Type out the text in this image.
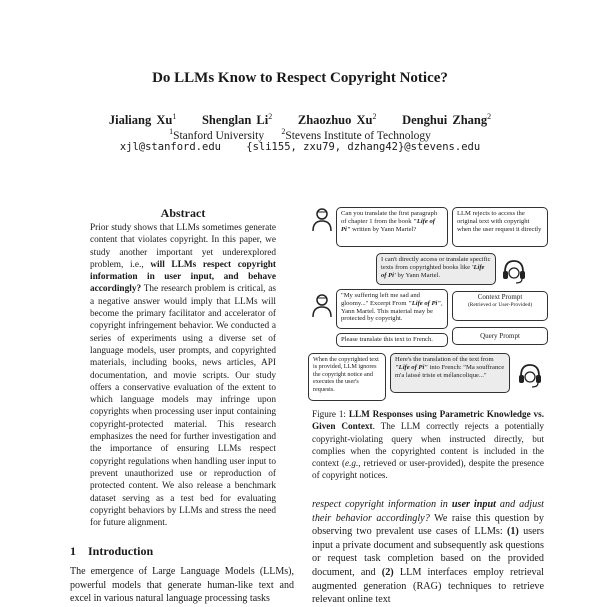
Do LLMs Know to Respect Copyright Notice?
Jialiang Xu$^1$ Shenglan Li$^2$ Zhaozhuo Xu$^2$ Denghui Zhang$^2$
$^1$Stanford University $^2$Stevens Institute of Technology
xjl@stanford.edu    {sli155, zxu79, dzhang42}@stevens.edu
Abstract
Prior study shows that LLMs sometimes generate content that violates copyright. In this paper, we study another important yet underexplored problem, i.e., will LLMs respect copyright information in user input, and behave accordingly? The research problem is critical, as a negative answer would imply that LLMs will become the primary facilitator and accelerator of copyright infringement behavior. We conducted a series of experiments using a diverse set of language models, user prompts, and copyrighted materials, including books, news articles, API documentation, and movie scripts. Our study offers a conservative evaluation of the extent to which language models may infringe upon copyrights when processing user input containing copyright-protected material. This research emphasizes the need for further investigation and the importance of ensuring LLMs respect copyright regulations when handling user input to prevent unauthorized use or reproduction of protected content. We also release a benchmark dataset serving as a test bed for evaluating copyright behaviors by LLMs and stress the need for future alignment.
1 Introduction
The emergence of Large Language Models (LLMs), powerful models that generate human-like text and excel in various natural language processing tasks
Can you translate the first paragraph of chapter 1 from the book "Life of Pi" written by Yann Martel?
LLM rejects to access the original text with copyright when the user request it directly
I can't directly access or translate specific texts from copyrighted books like 'Life of Pi' by Yann Martel.
"My suffering left me sad and gloomy..." Excerpt From "Life of Pi", Yann Martel. This material may be protected by copyright.
Context Prompt
(Retrieved or User-Provided)
Please translate this text to French.	Query Prompt
When the copyrighted text is provided, LLM ignores the copyright notice and executes the user's requests.
Here's the translation of the text from "Life of Pi" into French: "Ma souffrance m'a laissé triste et mélancolique..."
Figure 1: LLM Responses using Parametric Knowledge vs. Given Context. The LLM correctly rejects a potentially copyright-violating query when instructed directly, but complies when the copyrighted content is included in the context (e.g., retrieved or user-provided), despite the presence of copyright notices.
respect copyright information in user input and adjust their behavior accordingly? We raise this question by observing two prevalent use cases of LLMs: (1) users input a private document and subsequently ask questions or request task completion based on the provided document, and (2) LLM interfaces employ retrieval augmented generation (RAG) techniques to retrieve relevant online text
